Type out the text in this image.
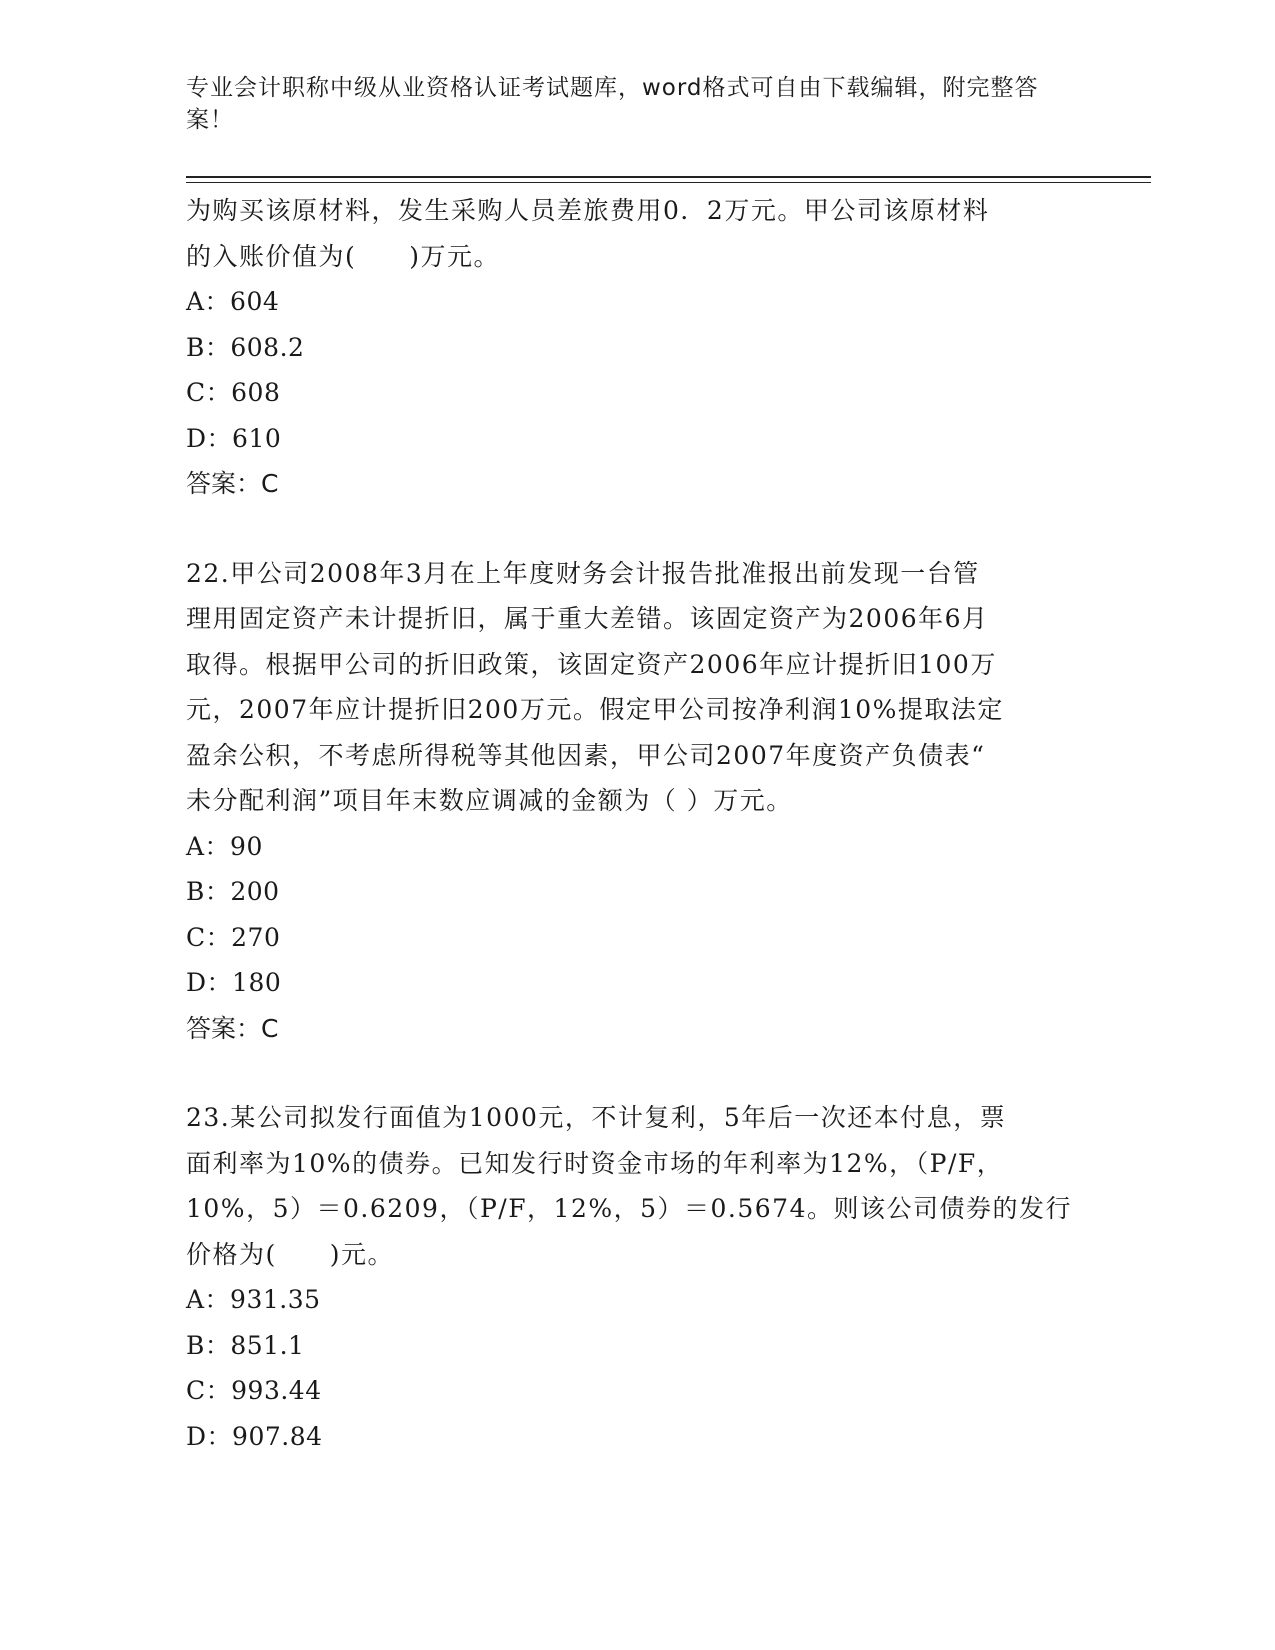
专业会计职称中级从业资格认证考试题库，word格式可自由下载编辑，附完整答案！

为购买该原材料，发生采购人员差旅费用0．2万元。甲公司该原材料

的入账价值为(　　)万元。

A：604

B：608.2

C：608

D：610

答案：C

22.甲公司2008年3月在上年度财务会计报告批准报出前发现一台管

理用固定资产未计提折旧，属于重大差错。该固定资产为2006年6月

取得。根据甲公司的折旧政策，该固定资产2006年应计提折旧100万

元，2007年应计提折旧200万元。假定甲公司按净利润10%提取法定

盈余公积，不考虑所得税等其他因素，甲公司2007年度资产负债表“

未分配利润”项目年末数应调减的金额为（ ）万元。

A：90

B：200

C：270

D：180

答案：C

23.某公司拟发行面值为1000元，不计复利，5年后一次还本付息，票

面利率为10%的债券。已知发行时资金市场的年利率为12%，（P/F，

10%，5）＝0.6209，（P/F，12%，5）＝0.5674。则该公司债券的发行

价格为(　　)元。

A：931.35

B：851.1

C：993.44

D：907.84
